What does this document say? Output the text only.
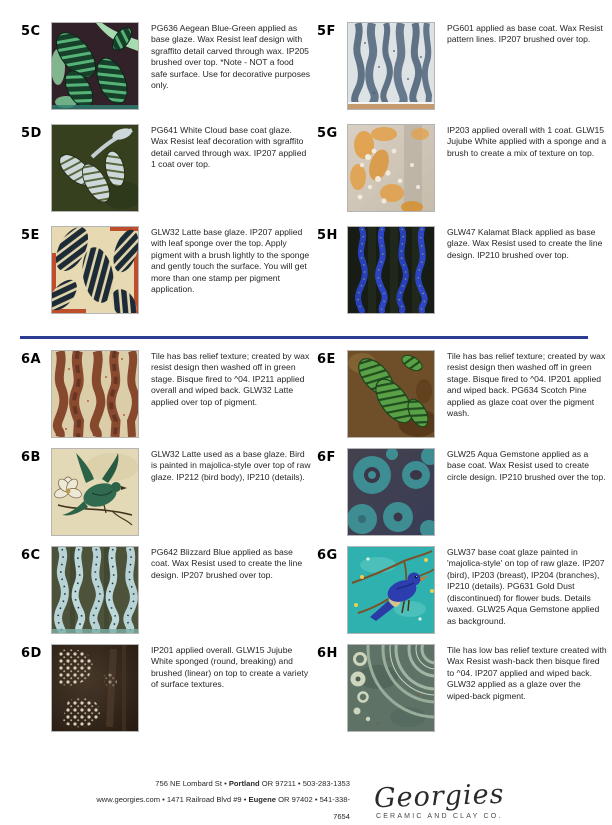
5C	PG636 Aegean Blue-Green applied as base glaze. Wax Resist leaf design with sgraffito detail carved through wax. IP205 brushed over top. *Note - NOT a food safe surface. Use for decorative purposes only.
5D	PG641 White Cloud base coat glaze. Wax Resist leaf decoration with sgraffito detail carved through wax. IP207 applied 1 coat over top.
5E	GLW32 Latte base glaze. IP207 applied with leaf sponge over the top. Apply pigment with a brush lightly to the sponge and gently touch the surface. You will get more than one stamp per pigment application.
5F	PG601 applied as base coat. Wax Resist pattern lines. IP207 brushed over top.
5G	IP203 applied overall with 1 coat. GLW15 Jujube White applied with a sponge and a brush to create a mix of texture on top.
5H	GLW47 Kalamat Black applied as base glaze. Wax Resist used to create the line design. IP210 brushed over top.
6A	Tile has bas relief texture; created by wax resist design then washed off in green stage. Bisque fired to ^04. IP211 applied overall and wiped back. GLW32 Latte applied over top of pigment.
6B	GLW32 Latte used as a base glaze. Bird is painted in majolica-style over top of raw glaze. IP212 (bird body), IP210 (details).
6C	PG642 Blizzard Blue applied as base coat. Wax Resist used to create the line design. IP207 brushed over top.
6D	IP201 applied overall. GLW15 Jujube White sponged (round, breaking) and brushed (linear) on top to create a variety of surface textures.
6E	Tile has bas relief texture; created by wax resist design then washed off in green stage. Bisque fired to ^04. IP201 applied and wiped back. PG634 Scotch Pine applied as glaze coat over the pigment wash.
6F	GLW25 Aqua Gemstone applied as a base coat. Wax Resist used to create circle design. IP210 brushed over the top.
6G	GLW37 base coat glaze painted in 'majolica-style' on top of raw glaze. IP207 (bird), IP203 (breast), IP204 (branches), IP210 (details). PG631 Gold Dust (discontinued) for flower buds. Details waxed. GLW25 Aqua Gemstone applied as background.
6H	Tile has low bas relief texture created with Wax Resist wash-back then bisque fired to ^04. IP207 applied and wiped back. GLW32 applied as a glaze over the wiped-back pigment.
756 NE Lombard St • Portland OR 97211 • 503-283-1353
www.georgies.com • 1471 Railroad Blvd #9 • Eugene OR 97402 • 541-338-7654
Georgies
CERAMIC AND CLAY CO.
